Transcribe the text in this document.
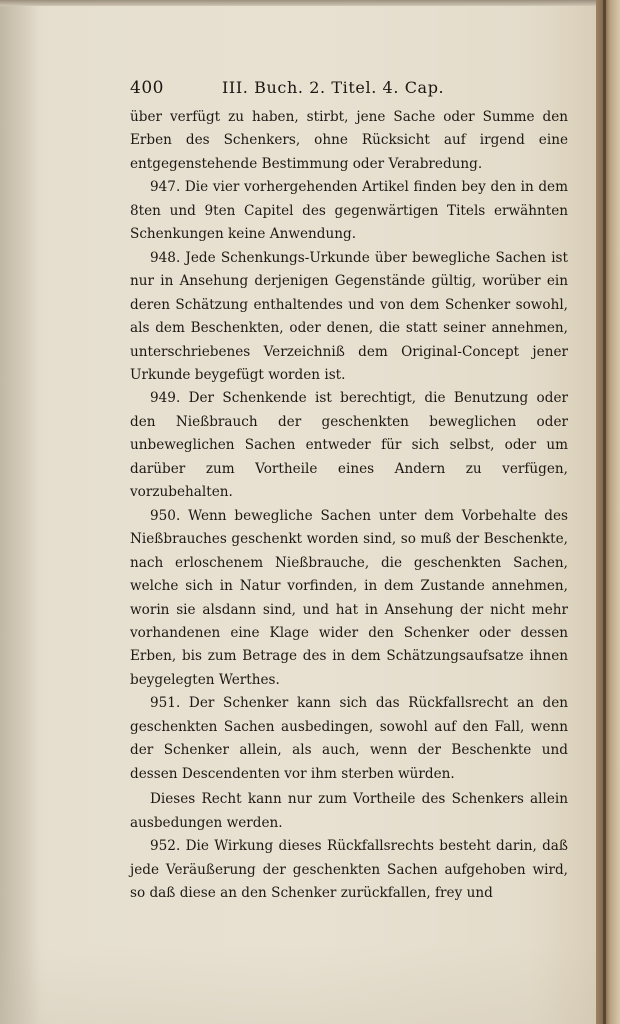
400	III. Buch. 2. Titel. 4. Cap.

über verfügt zu haben, stirbt, jene Sache oder Summe den Erben des Schenkers, ohne Rücksicht auf irgend eine entgegenstehende Bestimmung oder Verabredung.

947. Die vier vorhergehenden Artikel finden bey den in dem 8ten und 9ten Capitel des gegenwärtigen Titels erwähnten Schenkungen keine Anwendung.

948. Jede Schenkungs-Urkunde über bewegliche Sachen ist nur in Ansehung derjenigen Gegenstände gültig, worüber ein deren Schätzung enthaltendes und von dem Schenker sowohl, als dem Beschenkten, oder denen, die statt seiner annehmen, unterschriebenes Verzeichniß dem Original-Concept jener Urkunde beygefügt worden ist.

949. Der Schenkende ist berechtigt, die Benutzung oder den Nießbrauch der geschenkten beweglichen oder unbeweglichen Sachen entweder für sich selbst, oder um darüber zum Vortheile eines Andern zu verfügen, vorzubehalten.

950. Wenn bewegliche Sachen unter dem Vorbehalte des Nießbrauches geschenkt worden sind, so muß der Beschenkte, nach erloschenem Nießbrauche, die geschenkten Sachen, welche sich in Natur vorfinden, in dem Zustande annehmen, worin sie alsdann sind, und hat in Ansehung der nicht mehr vorhandenen eine Klage wider den Schenker oder dessen Erben, bis zum Betrage des in dem Schätzungsaufsatze ihnen beygelegten Werthes.

951. Der Schenker kann sich das Rückfallsrecht an den geschenkten Sachen ausbedingen, sowohl auf den Fall, wenn der Schenker allein, als auch, wenn der Beschenkte und dessen Descendenten vor ihm sterben würden.

Dieses Recht kann nur zum Vortheile des Schenkers allein ausbedungen werden.

952. Die Wirkung dieses Rückfallsrechts besteht darin, daß jede Veräußerung der geschenkten Sachen aufgehoben wird, so daß diese an den Schenker zurückfallen, frey und
